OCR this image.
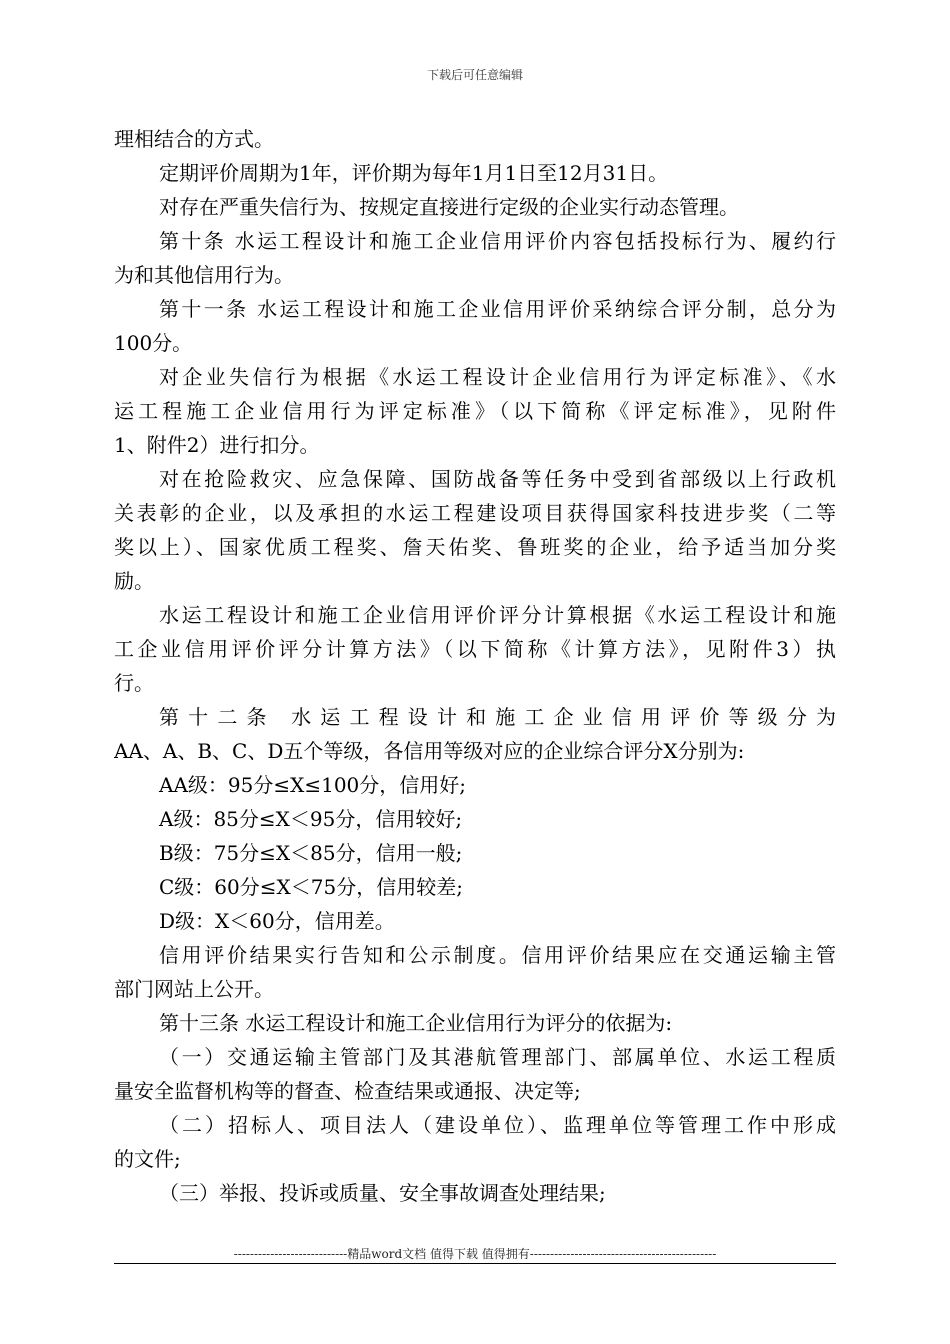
下载后可任意编辑
理相结合的方式。
定期评价周期为1年，评价期为每年1月1日至12月31日。
对存在严重失信行为、按规定直接进行定级的企业实行动态管理。
第十条 水运工程设计和施工企业信用评价内容包括投标行为、履约行
为和其他信用行为。
第十一条 水运工程设计和施工企业信用评价采纳综合评分制，总分为
100分。
对企业失信行为根据《水运工程设计企业信用行为评定标准》、《水
运工程施工企业信用行为评定标准》（以下简称《评定标准》，见附件
1、附件2）进行扣分。
对在抢险救灾、应急保障、国防战备等任务中受到省部级以上行政机
关表彰的企业，以及承担的水运工程建设项目获得国家科技进步奖（二等
奖以上）、国家优质工程奖、詹天佑奖、鲁班奖的企业，给予适当加分奖
励。
水运工程设计和施工企业信用评价评分计算根据《水运工程设计和施
工企业信用评价评分计算方法》（以下简称《计算方法》，见附件3）执
行。
第十二条 水运工程设计和施工企业信用评价等级分为
AA、A、B、C、D五个等级，各信用等级对应的企业综合评分X分别为:
AA级：95分≤X≤100分，信用好;
A级：85分≤X＜95分，信用较好;
B级：75分≤X＜85分，信用一般;
C级：60分≤X＜75分，信用较差;
D级：X＜60分，信用差。
信用评价结果实行告知和公示制度。信用评价结果应在交通运输主管
部门网站上公开。
第十三条 水运工程设计和施工企业信用行为评分的依据为:
（一）交通运输主管部门及其港航管理部门、部属单位、水运工程质
量安全监督机构等的督查、检查结果或通报、决定等;
（二）招标人、项目法人（建设单位）、监理单位等管理工作中形成
的文件;
（三）举报、投诉或质量、安全事故调查处理结果;
----------------------------精品word文档 值得下载 值得拥有----------------------------------------------
